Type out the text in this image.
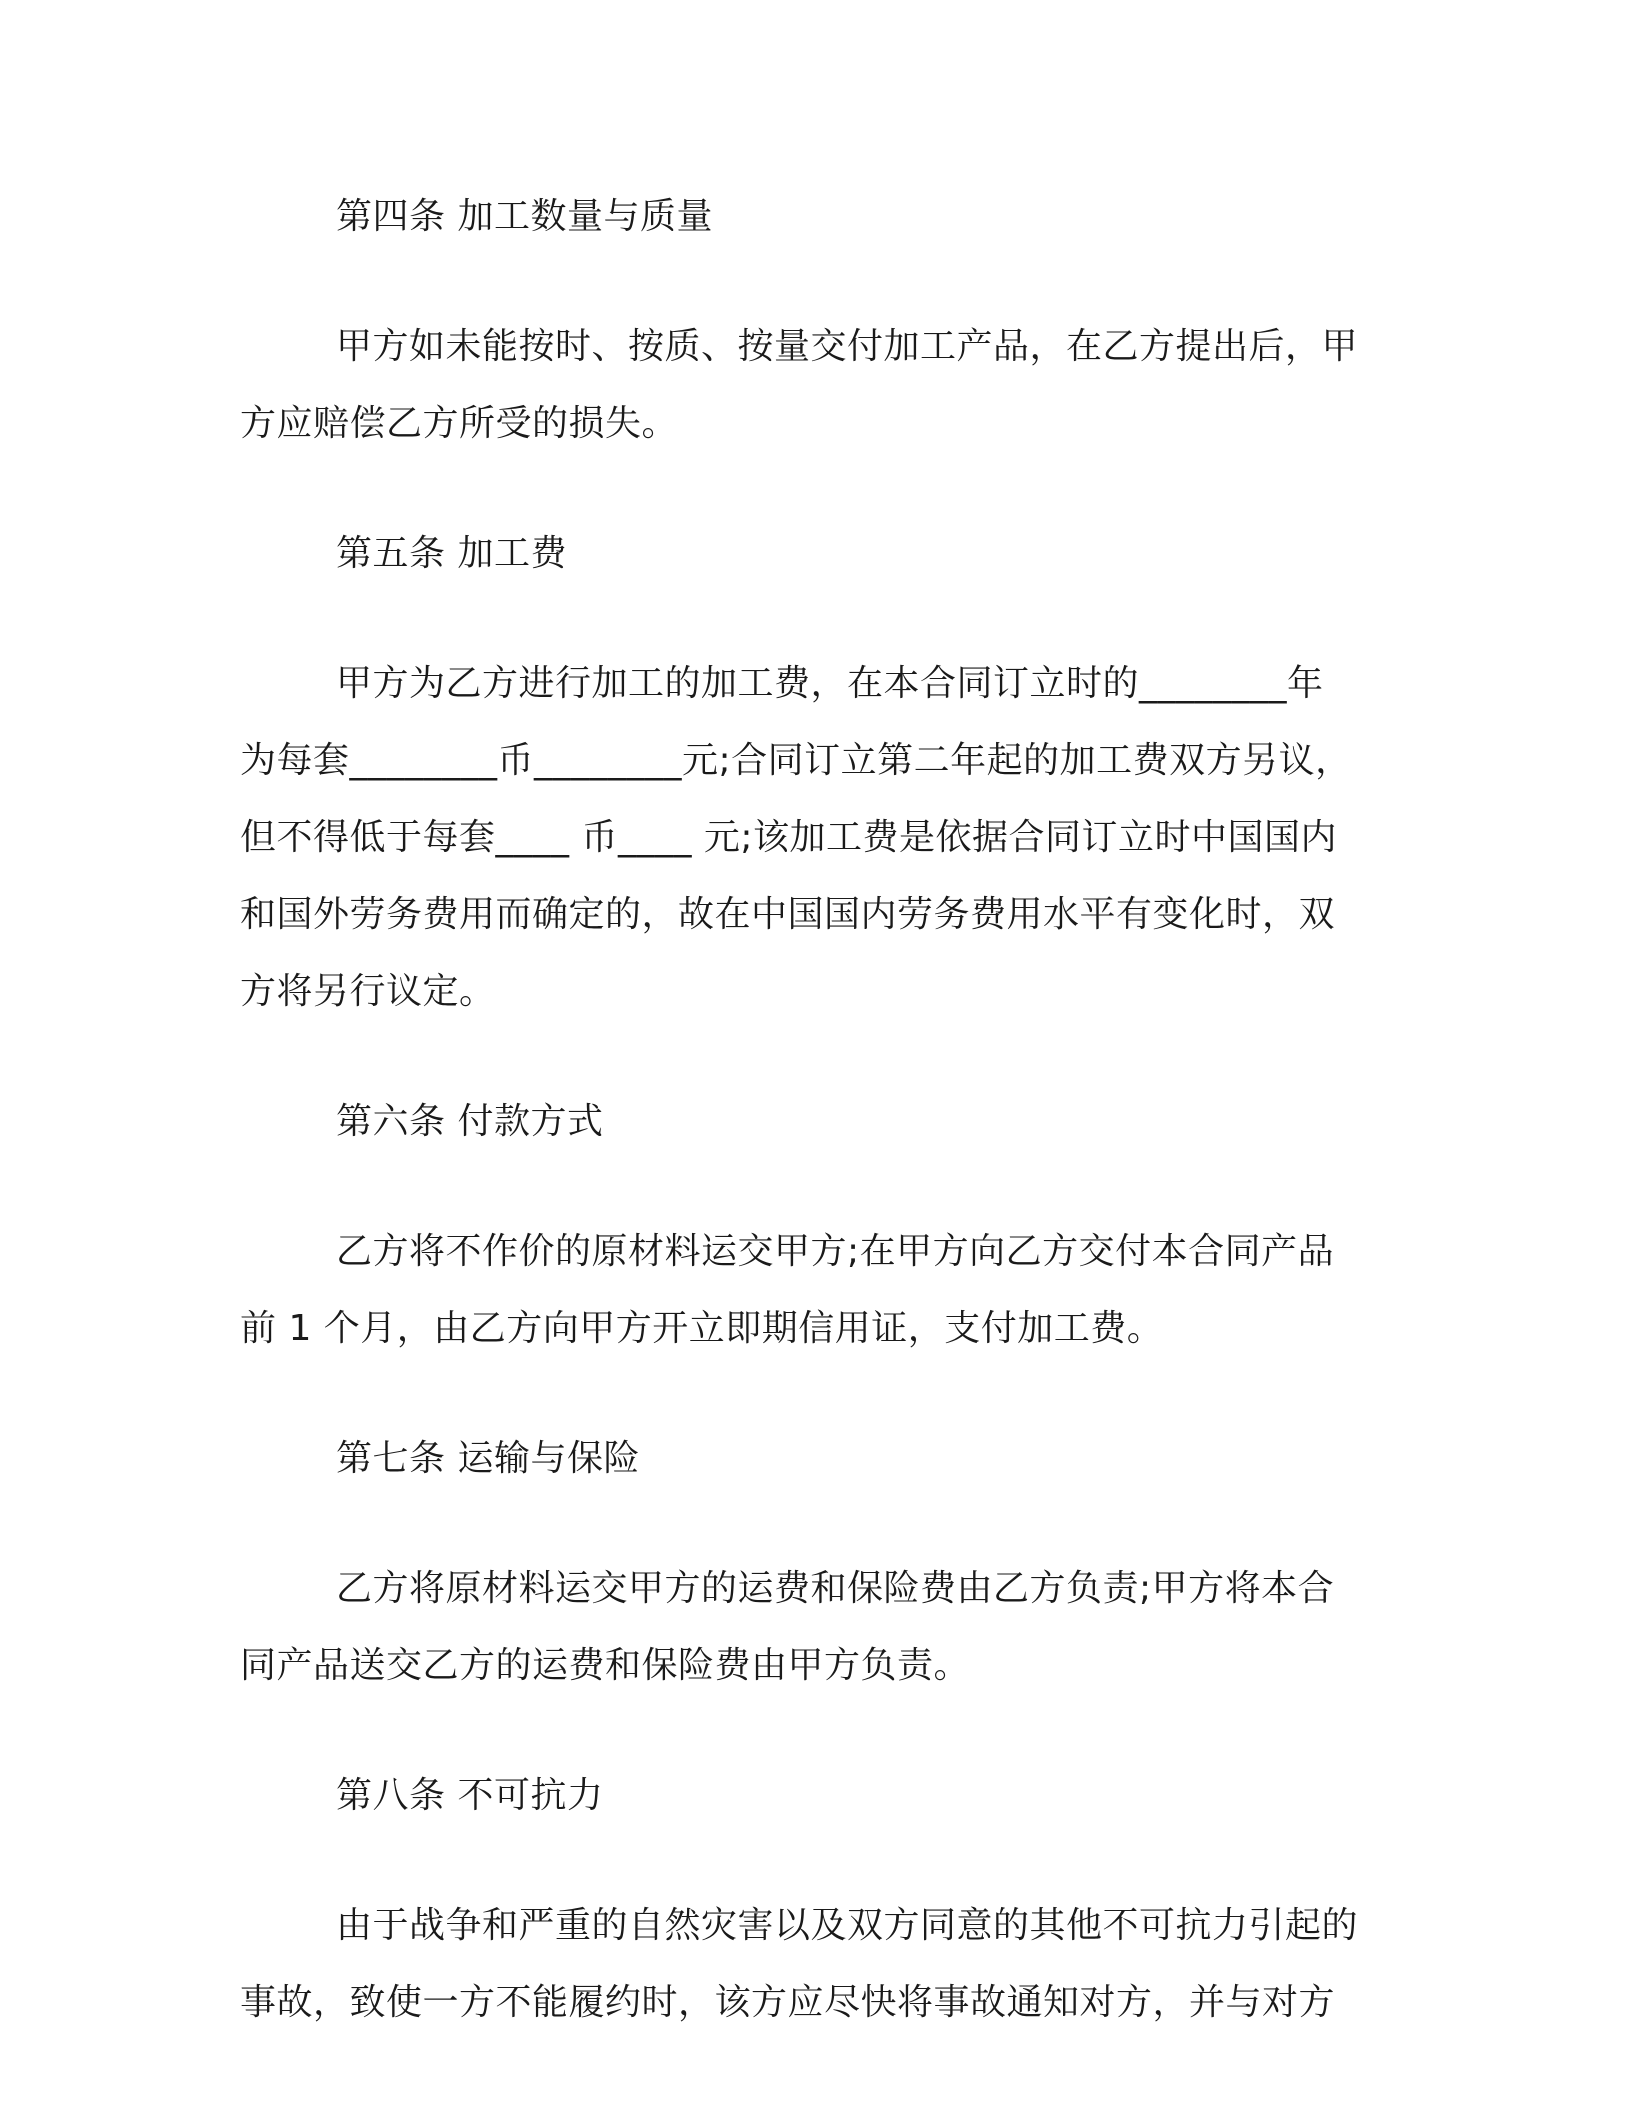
第四条 加工数量与质量
甲方如未能按时、按质、按量交付加工产品，在乙方提出后，甲
方应赔偿乙方所受的损失。
第五条 加工费
甲方为乙方进行加工的加工费，在本合同订立时的________年
为每套________币________元;合同订立第二年起的加工费双方另议，
但不得低于每套____ 币____ 元;该加工费是依据合同订立时中国国内
和国外劳务费用而确定的，故在中国国内劳务费用水平有变化时，双
方将另行议定。
第六条 付款方式
乙方将不作价的原材料运交甲方;在甲方向乙方交付本合同产品
前 1 个月，由乙方向甲方开立即期信用证，支付加工费。
第七条 运输与保险
乙方将原材料运交甲方的运费和保险费由乙方负责;甲方将本合
同产品送交乙方的运费和保险费由甲方负责。
第八条 不可抗力
由于战争和严重的自然灾害以及双方同意的其他不可抗力引起的
事故，致使一方不能履约时，该方应尽快将事故通知对方，并与对方
